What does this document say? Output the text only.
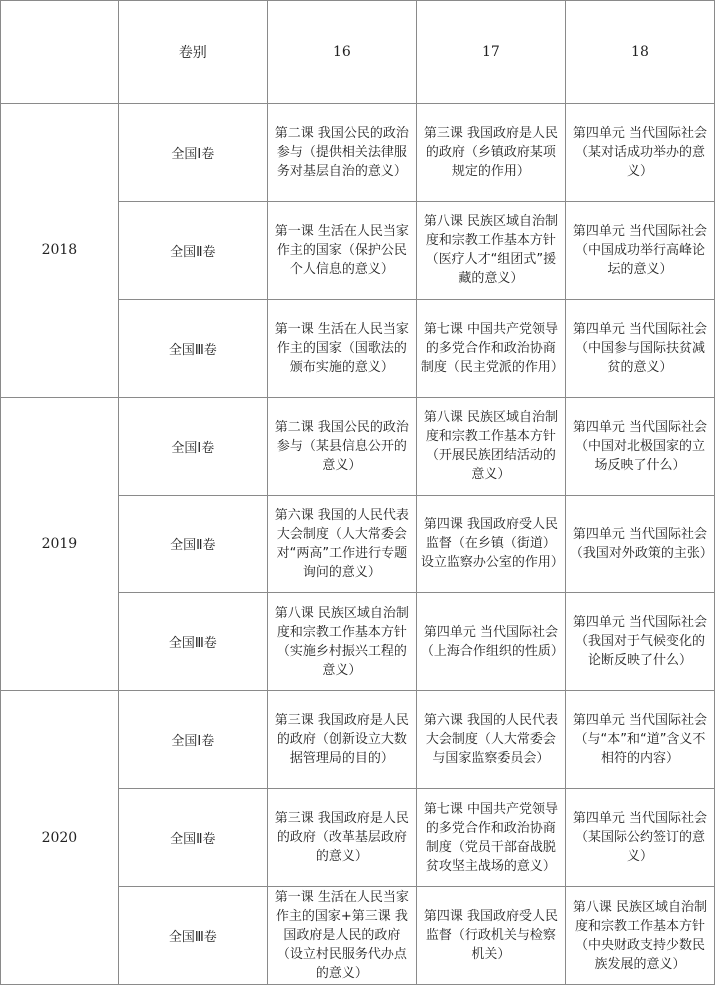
	卷别	16	17	18
2018	全国Ⅰ卷	第二课 我国公民的政治参与（提供相关法律服务对基层自治的意义）	第三课 我国政府是人民的政府（乡镇政府某项规定的作用）	第四单元 当代国际社会（某对话成功举办的意义）
	全国Ⅱ卷	第一课 生活在人民当家作主的国家（保护公民个人信息的意义）	第八课 民族区域自治制度和宗教工作基本方针（医疗人才“组团式”援藏的意义）	第四单元 当代国际社会（中国成功举行高峰论坛的意义）
	全国Ⅲ卷	第一课 生活在人民当家作主的国家（国歌法的颁布实施的意义）	第七课 中国共产党领导的多党合作和政治协商制度（民主党派的作用）	第四单元 当代国际社会（中国参与国际扶贫减贫的意义）
2019	全国Ⅰ卷	第二课 我国公民的政治参与（某县信息公开的意义）	第八课 民族区域自治制度和宗教工作基本方针（开展民族团结活动的意义）	第四单元 当代国际社会（中国对北极国家的立场反映了什么）
	全国Ⅱ卷	第六课 我国的人民代表大会制度（人大常委会对“两高”工作进行专题询问的意义）	第四课 我国政府受人民监督（在乡镇（街道）设立监察办公室的作用）	第四单元 当代国际社会（我国对外政策的主张）
	全国Ⅲ卷	第八课 民族区域自治制度和宗教工作基本方针（实施乡村振兴工程的意义）	第四单元 当代国际社会（上海合作组织的性质）	第四单元 当代国际社会（我国对于气候变化的论断反映了什么）
2020	全国Ⅰ卷	第三课 我国政府是人民的政府（创新设立大数据管理局的目的）	第六课 我国的人民代表大会制度（人大常委会与国家监察委员会）	第四单元 当代国际社会（与“本”和“道”含义不相符的内容）
	全国Ⅱ卷	第三课 我国政府是人民的政府（改革基层政府的意义）	第七课 中国共产党领导的多党合作和政治协商制度（党员干部奋战脱贫攻坚主战场的意义）	第四单元 当代国际社会（某国际公约签订的意义）
	全国Ⅲ卷	第一课 生活在人民当家作主的国家+第三课 我国政府是人民的政府（设立村民服务代办点的意义）	第四课 我国政府受人民监督（行政机关与检察机关）	第八课 民族区域自治制度和宗教工作基本方针（中央财政支持少数民族发展的意义）
